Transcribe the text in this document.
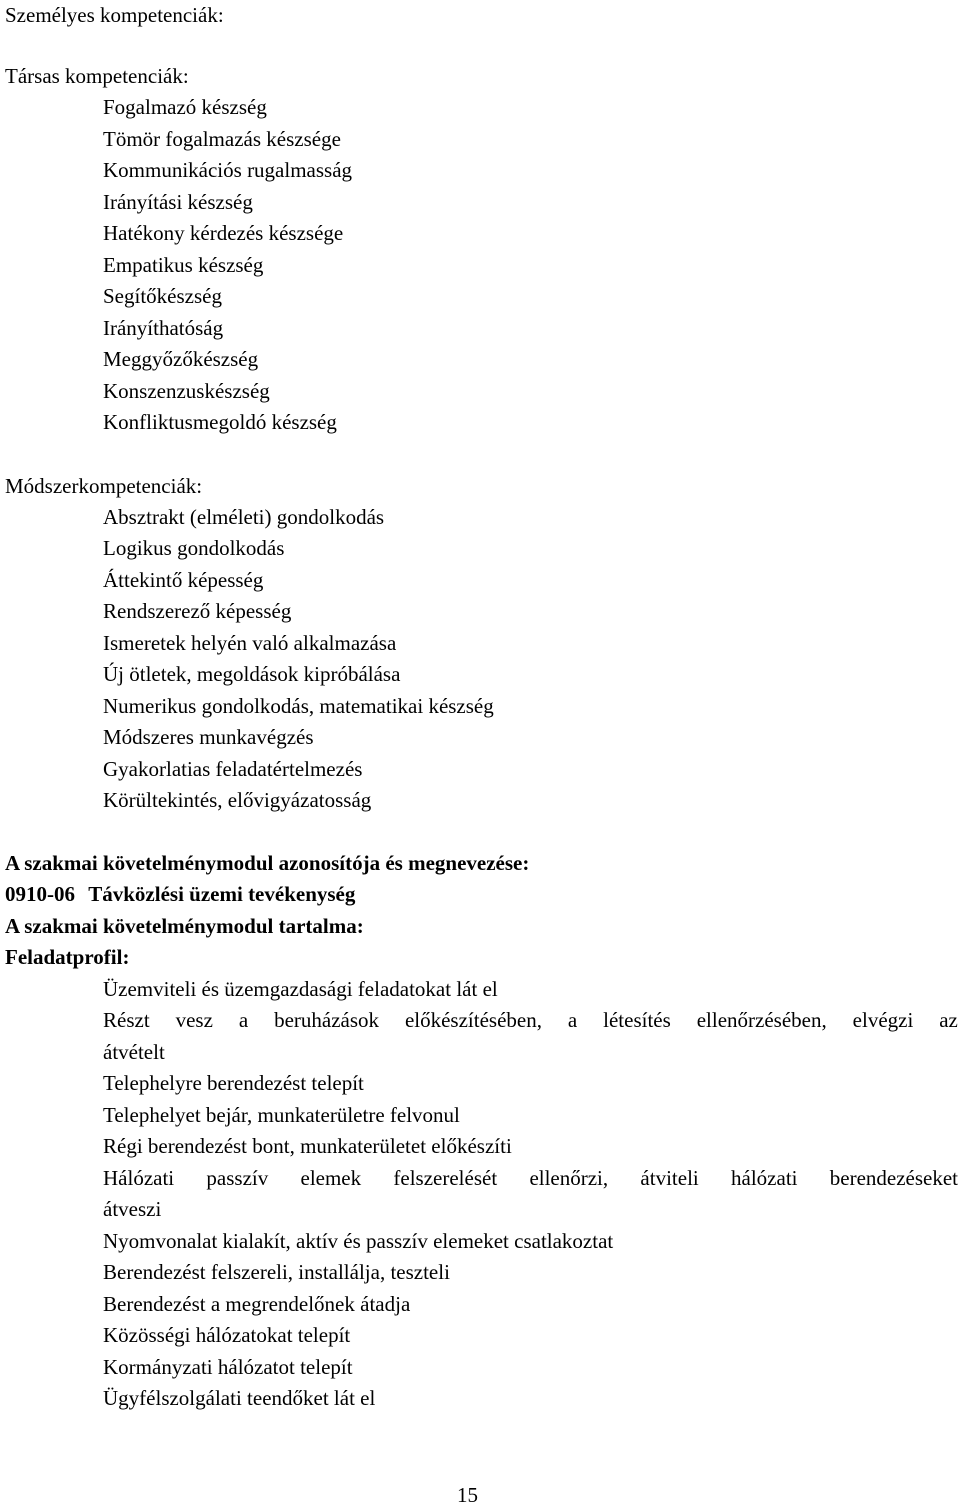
Személyes kompetenciák:
Társas kompetenciák:
Fogalmazó készség
Tömör fogalmazás készsége
Kommunikációs rugalmasság
Irányítási készség
Hatékony kérdezés készsége
Empatikus készség
Segítőkészség
Irányíthatóság
Meggyőzőkészség
Konszenzuskészség
Konfliktusmegoldó készség
Módszerkompetenciák:
Absztrakt (elméleti) gondolkodás
Logikus gondolkodás
Áttekintő képesség
Rendszerező képesség
Ismeretek helyén való alkalmazása
Új ötletek, megoldások kipróbálása
Numerikus gondolkodás, matematikai készség
Módszeres munkavégzés
Gyakorlatias feladatértelmezés
Körültekintés, elővigyázatosság
A szakmai követelménymodul azonosítója és megnevezése:
0910-06 Távközlési üzemi tevékenység
A szakmai követelménymodul tartalma:
Feladatprofil:
Üzemviteli és üzemgazdasági feladatokat lát el
Részt vesz a beruházások előkészítésében, a létesítés ellenőrzésében, elvégzi az
átvételt
Telephelyre berendezést telepít
Telephelyet bejár, munkaterületre felvonul
Régi berendezést bont, munkaterületet előkészíti
Hálózati passzív elemek felszerelését ellenőrzi, átviteli hálózati berendezéseket
átveszi
Nyomvonalat kialakít, aktív és passzív elemeket csatlakoztat
Berendezést felszereli, installálja, teszteli
Berendezést a megrendelőnek átadja
Közösségi hálózatokat telepít
Kormányzati hálózatot telepít
Ügyfélszolgálati teendőket lát el
15
